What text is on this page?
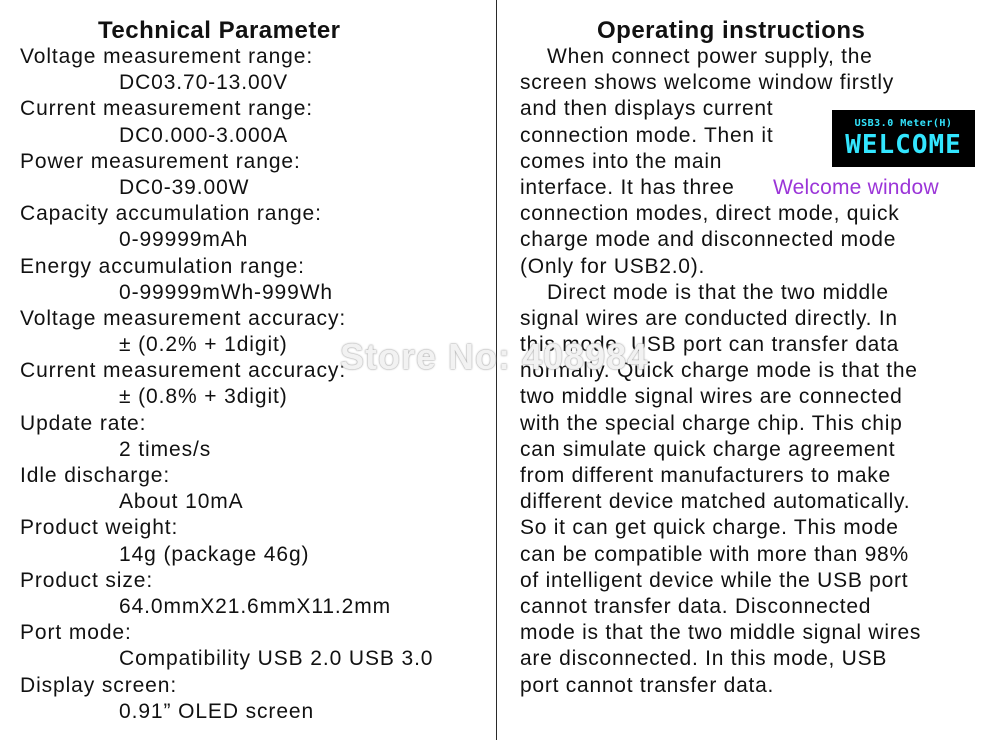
Technical Parameter
Voltage measurement range:
DC03.70-13.00V
Current measurement range:
DC0.000-3.000A
Power measurement range:
DC0-39.00W
Capacity accumulation range:
0-99999mAh
Energy accumulation range:
0-99999mWh-999Wh
Voltage measurement accuracy:
± (0.2% + 1digit)
Current measurement accuracy:
± (0.8% + 3digit)
Update rate:
2 times/s
Idle discharge:
About 10mA
Product weight:
14g (package 46g)
Product size:
64.0mmX21.6mmX11.2mm
Port mode:
Compatibility USB 2.0 USB 3.0
Display screen:
0.91” OLED screen
Operating instructions
When connect power supply, the
screen shows welcome window firstly
and then displays current
connection mode. Then it
comes into the main
interface. It has three
connection modes, direct mode, quick
charge mode and disconnected mode
(Only for USB2.0).
Direct mode is that the two middle
signal wires are conducted directly. In
this mode, USB port can transfer data
normally. Quick charge mode is that the
two middle signal wires are connected
with the special charge chip. This chip
can simulate quick charge agreement
from different manufacturers to make
different device matched automatically.
So it can get quick charge. This mode
can be compatible with more than 98%
of intelligent device while the USB port
cannot transfer data. Disconnected
mode is that the two middle signal wires
are disconnected. In this mode, USB
port cannot transfer data.
USB3.0 Meter(H)
WELCOME
Welcome window
Store No: 408984
